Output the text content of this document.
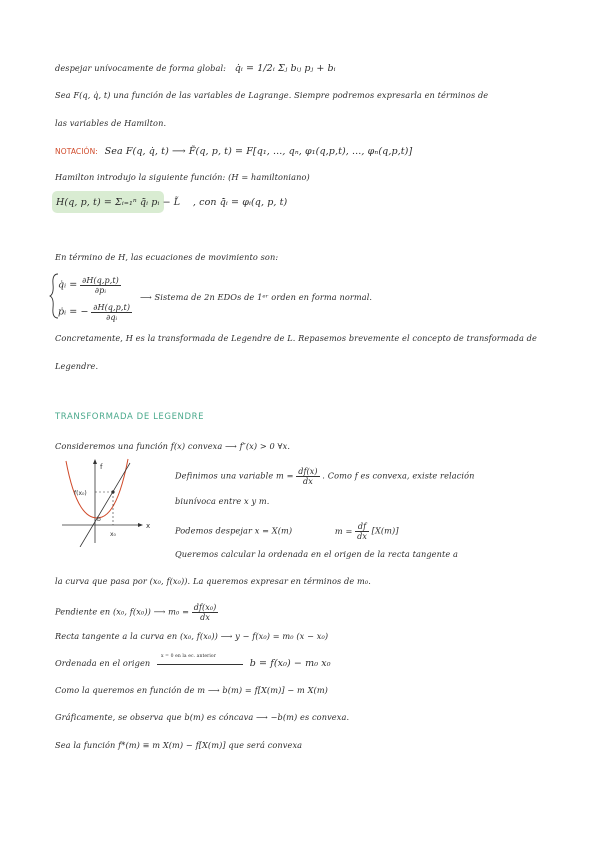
despejar unívocamente de forma global: q̇ᵢ = 1/2ᵢ Σⱼ bᵢⱼ pⱼ + bᵢ
Sea F(q, q̇, t) una función de las variables de Lagrange. Siempre podremos expresarla en términos de
las variables de Hamilton.
NOTACIÓN: Sea F(q, q̇, t) ⟶ F̃(q, p, t) = F[q₁, ..., qₙ, φ₁(q,p,t), ..., φₙ(q,p,t)]
Hamilton introdujo la siguiente función: (H = hamiltoniano)
H(q, p, t) = Σᵢ₌₁ⁿ q̃̇ᵢ pᵢ − L̃ , con q̃̇ᵢ = φᵢ(q, p, t)
En término de H, las ecuaciones de movimiento son:
q̇ᵢ = $\frac{\partial H(q,p,t)}{\text{∂pᵢ}}$
ṗᵢ = − $\frac{\partial H(q,p,t)}{\text{∂qᵢ}}$
⟶ Sistema de 2n EDOs de 1ᵉʳ orden en forma normal.
Concretamente, H es la transformada de Legendre de L. Repasemos brevemente el concepto de transformada de
Legendre.
TRANSFORMADA DE LEGENDRE
Consideremos una función f(x) convexa ⟶ f″(x) > 0 ∀x.
f
x
f(x₀)
b
x₀
Definimos una variable $m = \frac{df(x)}{dx}$ . Como f es convexa, existe relación
biunívoca entre x y m.
Podemos despejar x = X(m)	$m = \frac{df}{dx} [X(m)]$
Queremos calcular la ordenada en el origen de la recta tangente a
la curva que pasa por (x₀, f(x₀)). La queremos expresar en términos de m₀.
Pendiente en (x₀, f(x₀)) ⟶ $m_0 = \frac{\text{df(x₀)}}{dx}$
Recta tangente a la curva en (x₀, f(x₀)) ⟶ y − f(x₀) = m₀ (x − x₀)
Ordenada en el origen
x = 0 en la ec. anterior
b = f(x₀) − m₀ x₀
Como la queremos en función de m ⟶ b(m) = f[X(m)] − m X(m)
Gráficamente, se observa que b(m) es cóncava ⟶ −b(m) es convexa.
Sea la función f*(m) ≡ m X(m) − f[X(m)] que será convexa
